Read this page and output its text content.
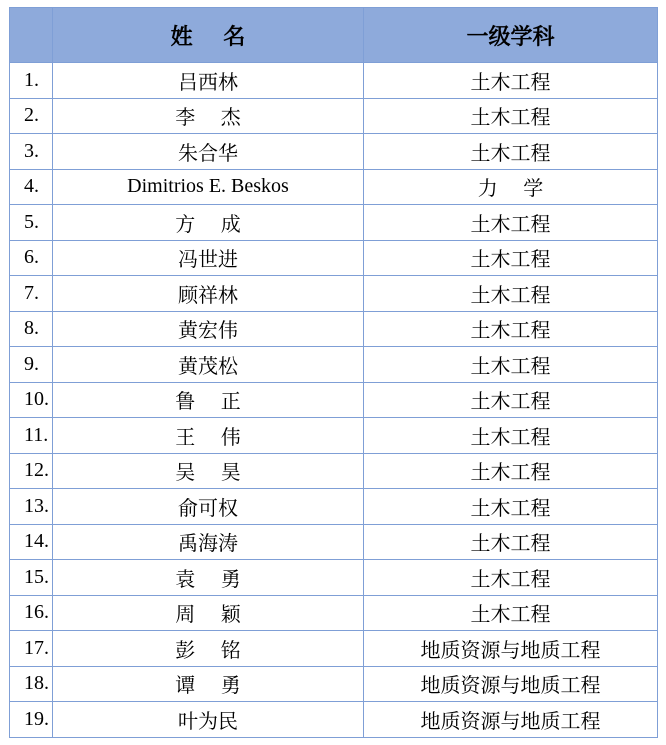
	姓    名	一级学科
1.	吕西林	土木工程
2.	李    杰	土木工程
3.	朱合华	土木工程
4.	Dimitrios E. Beskos	力    学
5.	方    成	土木工程
6.	冯世进	土木工程
7.	顾祥林	土木工程
8.	黄宏伟	土木工程
9.	黄茂松	土木工程
10.	鲁    正	土木工程
11.	王    伟	土木工程
12.	吴    昊	土木工程
13.	俞可权	土木工程
14.	禹海涛	土木工程
15.	袁    勇	土木工程
16.	周    颖	土木工程
17.	彭    铭	地质资源与地质工程
18.	谭    勇	地质资源与地质工程
19.	叶为民	地质资源与地质工程
